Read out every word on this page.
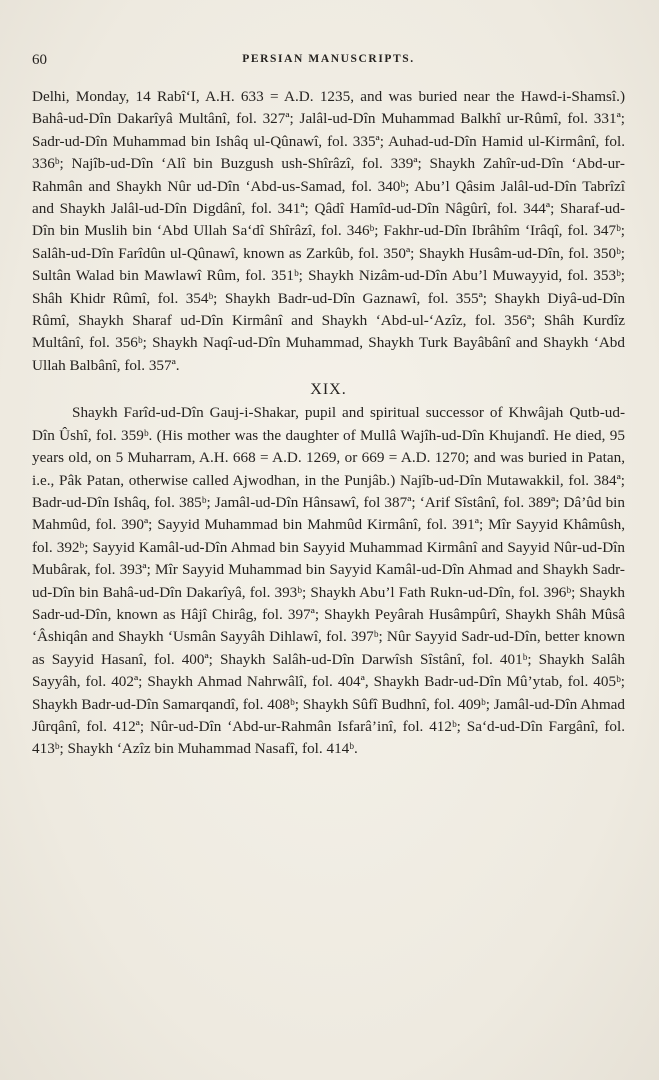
60	PERSIAN MANUSCRIPTS.

Delhi, Monday, 14 Rabî‘I, A.H. 633 = A.D. 1235, and was buried near the Hawd-i-Shamsî.) Bahâ-ud-Dîn Dakarîyâ Multânî, fol. 327ª; Jalâl-ud-Dîn Muhammad Balkhî ur-Rûmî, fol. 331ª; Sadr-ud-Dîn Muhammad bin Ishâq ul-Qûnawî, fol. 335ª; Auhad-ud-Dîn Hamid ul-Kirmânî, fol. 336ᵇ; Najîb-ud-Dîn ‘Alî bin Buzgush ush-Shîrâzî, fol. 339ª; Shaykh Zahîr-ud-Dîn ‘Abd-ur-Rahmân and Shaykh Nûr ud-Dîn ‘Abd-us-Samad, fol. 340ᵇ; Abu’l Qâsim Jalâl-ud-Dîn Tabrîzî and Shaykh Jalâl-ud-Dîn Digdânî, fol. 341ª; Qâdî Hamîd-ud-Dîn Nâgûrî, fol. 344ª; Sharaf-ud-Dîn bin Muslih bin ‘Abd Ullah Sa‘dî Shîrâzî, fol. 346ᵇ; Fakhr-ud-Dîn Ibrâhîm ‘Irâqî, fol. 347ᵇ; Salâh-ud-Dîn Farîdûn ul-Qûnawî, known as Zarkûb, fol. 350ª; Shaykh Husâm-ud-Dîn, fol. 350ᵇ; Sultân Walad bin Mawlawî Rûm, fol. 351ᵇ; Shaykh Nizâm-ud-Dîn Abu’l Muwayyid, fol. 353ᵇ; Shâh Khidr Rûmî, fol. 354ᵇ; Shaykh Badr-ud-Dîn Gaznawî, fol. 355ª; Shaykh Diyâ-ud-Dîn Rûmî, Shaykh Sharaf ud-Dîn Kirmânî and Shaykh ‘Abd-ul-‘Azîz, fol. 356ª; Shâh Kurdîz Multânî, fol. 356ᵇ; Shaykh Naqî-ud-Dîn Muhammad, Shaykh Turk Bayâbânî and Shaykh ‘Abd Ullah Balbânî, fol. 357ª.

XIX.

Shaykh Farîd-ud-Dîn Gauj-i-Shakar, pupil and spiritual successor of Khwâjah Qutb-ud-Dîn Ûshî, fol. 359ᵇ. (His mother was the daughter of Mullâ Wajîh-ud-Dîn Khujandî. He died, 95 years old, on 5 Muharram, A.H. 668 = A.D. 1269, or 669 = A.D. 1270; and was buried in Patan, i.e., Pâk Patan, otherwise called Ajwodhan, in the Punjâb.) Najîb-ud-Dîn Mutawakkil, fol. 384ª; Badr-ud-Dîn Ishâq, fol. 385ᵇ; Jamâl-ud-Dîn Hânsawî, fol 387ª; ‘Arif Sîstânî, fol. 389ª; Dâ’ûd bin Mahmûd, fol. 390ª; Sayyid Muhammad bin Mahmûd Kirmânî, fol. 391ª; Mîr Sayyid Khâmûsh, fol. 392ᵇ; Sayyid Kamâl-ud-Dîn Ahmad bin Sayyid Muhammad Kirmânî and Sayyid Nûr-ud-Dîn Mubârak, fol. 393ª; Mîr Sayyid Muhammad bin Sayyid Kamâl-ud-Dîn Ahmad and Shaykh Sadr-ud-Dîn bin Bahâ-ud-Dîn Dakarîyâ, fol. 393ᵇ; Shaykh Abu’l Fath Rukn-ud-Dîn, fol. 396ᵇ; Shaykh Sadr-ud-Dîn, known as Hâjî Chirâg, fol. 397ª; Shaykh Peyârah Husâmpûrî, Shaykh Shâh Mûsâ ‘Âshiqân and Shaykh ‘Usmân Sayyâh Dihlawî, fol. 397ᵇ; Nûr Sayyid Sadr-ud-Dîn, better known as Sayyid Hasanî, fol. 400ª; Shaykh Salâh-ud-Dîn Darwîsh Sîstânî, fol. 401ᵇ; Shaykh Salâh Sayyâh, fol. 402ª; Shaykh Ahmad Nahrwâlî, fol. 404ª, Shaykh Badr-ud-Dîn Mû’ytab, fol. 405ᵇ; Shaykh Badr-ud-Dîn Samarqandî, fol. 408ᵇ; Shaykh Sûfî Budhnî, fol. 409ᵇ; Jamâl-ud-Dîn Ahmad Jûrqânî, fol. 412ª; Nûr-ud-Dîn ‘Abd-ur-Rahmân Isfarâ’inî, fol. 412ᵇ; Sa‘d-ud-Dîn Fargânî, fol. 413ᵇ; Shaykh ‘Azîz bin Muhammad Nasafî, fol. 414ᵇ.
